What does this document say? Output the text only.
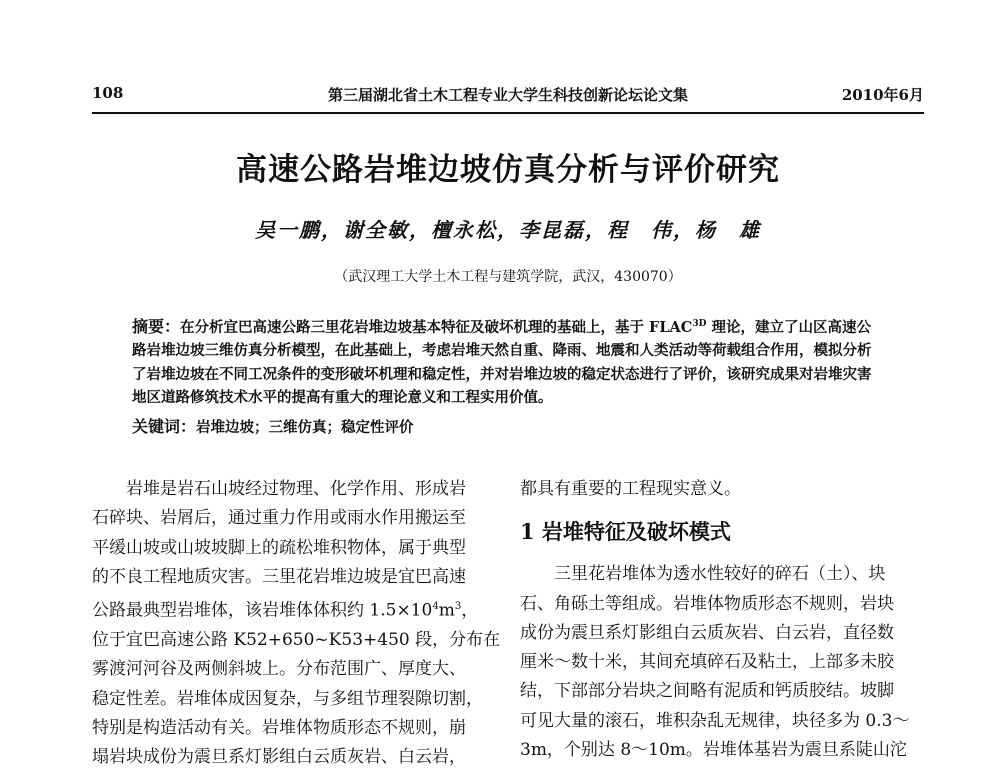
108	第三届湖北省土木工程专业大学生科技创新论坛论文集	2010年6月
高速公路岩堆边坡仿真分析与评价研究
吴一鹏，谢全敏，檀永松，李昆磊，程　伟，杨　雄
（武汉理工大学土木工程与建筑学院，武汉，430070）

摘要：在分析宜巴高速公路三里花岩堆边坡基本特征及破坏机理的基础上，基于 $FLAC^{3D}$ 理论，建立了山区高速公路岩堆边坡三维仿真分析模型，在此基础上，考虑岩堆天然自重、降雨、地震和人类活动等荷载组合作用，模拟分析了岩堆边坡在不同工况条件的变形破坏机理和稳定性，并对岩堆边坡的稳定状态进行了评价，该研究成果对岩堆灾害地区道路修筑技术水平的提高有重大的理论意义和工程实用价值。

关键词：岩堆边坡；三维仿真；稳定性评价

　　岩堆是岩石山坡经过物理、化学作用、形成岩

石碎块、岩屑后，通过重力作用或雨水作用搬运至

平缓山坡或山坡坡脚上的疏松堆积物体，属于典型

的不良工程地质灾害。三里花岩堆边坡是宜巴高速

公路最典型岩堆体，该岩堆体体积约 $1.5\times 10^4m^3$，

位于宜巴高速公路 K52+650~K53+450 段，分布在

雾渡河河谷及两侧斜坡上。分布范围广、厚度大、

稳定性差。岩堆体成因复杂，与多组节理裂隙切割，

特别是构造活动有关。岩堆体物质形态不规则，崩

塌岩块成份为震旦系灯影组白云质灰岩、白云岩，

都具有重要的工程现实意义。

1 岩堆特征及破坏模式

　　三里花岩堆体为透水性较好的碎石（土）、块

石、角砾土等组成。岩堆体物质形态不规则，岩块

成份为震旦系灯影组白云质灰岩、白云岩，直径数

厘米～数十米，其间充填碎石及粘土，上部多未胶

结，下部部分岩块之间略有泥质和钙质胶结。坡脚

可见大量的滚石，堆积杂乱无规律，块径多为 0.3～

3m，个别达 8～10m。岩堆体基岩为震旦系陡山沱
